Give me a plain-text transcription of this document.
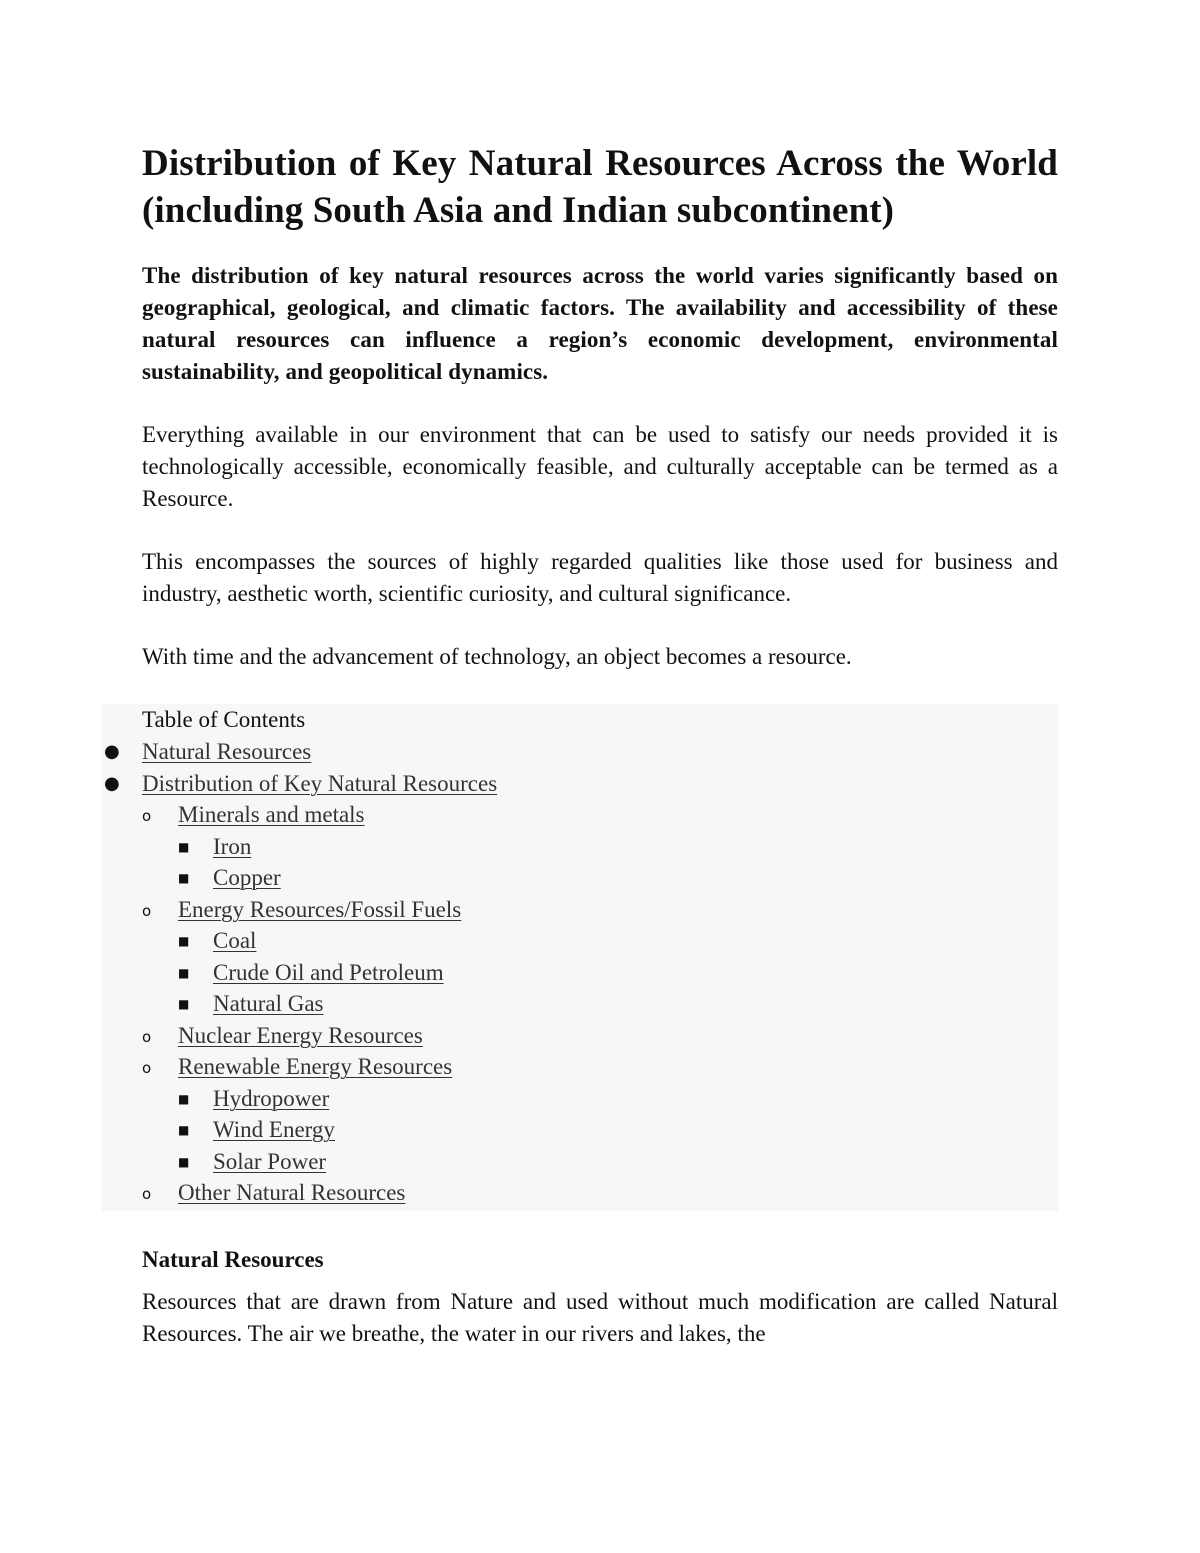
Distribution of Key Natural Resources Across the World (including South Asia and Indian subcontinent)

The distribution of key natural resources across the world varies significantly based on geographical, geological, and climatic factors. The availability and accessibility of these natural resources can influence a region’s economic development, environmental sustainability, and geopolitical dynamics.

Everything available in our environment that can be used to satisfy our needs provided it is technologically accessible, economically feasible, and culturally acceptable can be termed as a Resource.

This encompasses the sources of highly regarded qualities like those used for business and industry, aesthetic worth, scientific curiosity, and cultural significance.

With time and the advancement of technology, an object becomes a resource.

Table of Contents
● Natural Resources
● Distribution of Key Natural Resources
o Minerals and metals
■ Iron
■ Copper
o Energy Resources/Fossil Fuels
■ Coal
■ Crude Oil and Petroleum
■ Natural Gas
o Nuclear Energy Resources
o Renewable Energy Resources
■ Hydropower
■ Wind Energy
■ Solar Power
o Other Natural Resources
Natural Resources

Resources that are drawn from Nature and used without much modification are called Natural Resources. The air we breathe, the water in our rivers and lakes, the
